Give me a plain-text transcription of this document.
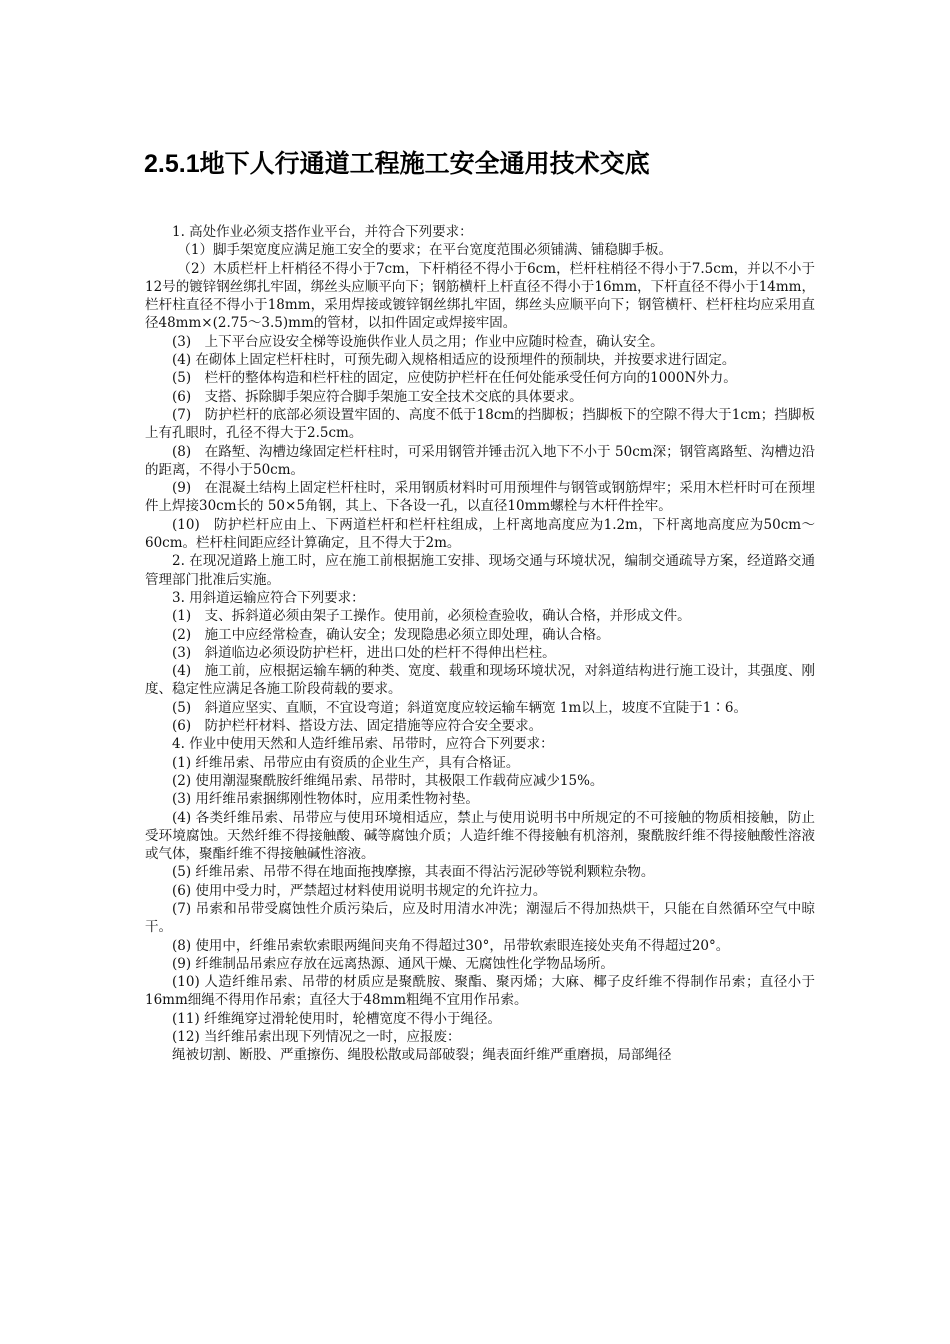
2.5.1地下人行通道工程施工安全通用技术交底

1. 高处作业必须支搭作业平台，并符合下列要求：

（1）脚手架宽度应满足施工安全的要求；在平台宽度范围必须铺满、铺稳脚手板。

（2）木质栏杆上杆梢径不得小于7cm，下杆梢径不得小于6cm，栏杆柱梢径不得小于7.5cm，并以不小于12号的镀锌钢丝绑扎牢固，绑丝头应顺平向下；钢筋横杆上杆直径不得小于16mm，下杆直径不得小于14mm，栏杆柱直径不得小于18mm，采用焊接或镀锌钢丝绑扎牢固，绑丝头应顺平向下；钢管横杆、栏杆柱均应采用直径48mm×(2.75～3.5)mm的管材，以扣件固定或焊接牢固。

(3)　上下平台应设安全梯等设施供作业人员之用；作业中应随时检查，确认安全。

(4) 在砌体上固定栏杆柱时，可预先砌入规格相适应的设预埋件的预制块，并按要求进行固定。

(5)　栏杆的整体构造和栏杆柱的固定，应使防护栏杆在任何处能承受任何方向的1000N外力。

(6)　支搭、拆除脚手架应符合脚手架施工安全技术交底的具体要求。

(7)　防护栏杆的底部必须设置牢固的、高度不低于18cm的挡脚板；挡脚板下的空隙不得大于1cm；挡脚板上有孔眼时，孔径不得大于2.5cm。

(8)　在路堑、沟槽边缘固定栏杆柱时，可采用钢管并锤击沉入地下不小于 50cm深；钢管离路堑、沟槽边沿的距离，不得小于50cm。

(9)　在混凝土结构上固定栏杆柱时，采用钢质材料时可用预埋件与钢管或钢筋焊牢；采用木栏杆时可在预埋件上焊接30cm长的 50×5角钢，其上、下各设一孔，以直径10mm螺栓与木杆件拴牢。

(10)　防护栏杆应由上、下两道栏杆和栏杆柱组成，上杆离地高度应为1.2m，下杆离地高度应为50cm～60cm。栏杆柱间距应经计算确定，且不得大于2m。

2. 在现况道路上施工时，应在施工前根据施工安排、现场交通与环境状况，编制交通疏导方案，经道路交通管理部门批准后实施。

3. 用斜道运输应符合下列要求：

(1)　支、拆斜道必须由架子工操作。使用前，必须检查验收，确认合格，并形成文件。

(2)　施工中应经常检查，确认安全；发现隐患必须立即处理，确认合格。

(3)　斜道临边必须设防护栏杆，进出口处的栏杆不得伸出栏柱。

(4)　施工前，应根据运输车辆的种类、宽度、载重和现场环境状况，对斜道结构进行施工设计，其强度、刚度、稳定性应满足各施工阶段荷载的要求。

(5)　斜道应坚实、直顺，不宜设弯道；斜道宽度应较运输车辆宽 1m以上，坡度不宜陡于1∶6。

(6)　防护栏杆材料、搭设方法、固定措施等应符合安全要求。

4. 作业中使用天然和人造纤维吊索、吊带时，应符合下列要求：

(1) 纤维吊索、吊带应由有资质的企业生产，具有合格证。

(2) 使用潮湿聚酰胺纤维绳吊索、吊带时，其极限工作载荷应减少15%。

(3) 用纤维吊索捆绑刚性物体时，应用柔性物衬垫。

(4) 各类纤维吊索、吊带应与使用环境相适应，禁止与使用说明书中所规定的不可接触的物质相接触，防止受环境腐蚀。天然纤维不得接触酸、碱等腐蚀介质；人造纤维不得接触有机溶剂，聚酰胺纤维不得接触酸性溶液或气体，聚酯纤维不得接触碱性溶液。

(5) 纤维吊索、吊带不得在地面拖拽摩擦，其表面不得沾污泥砂等锐利颗粒杂物。

(6) 使用中受力时，严禁超过材料使用说明书规定的允许拉力。

(7) 吊索和吊带受腐蚀性介质污染后，应及时用清水冲洗；潮湿后不得加热烘干，只能在自然循环空气中晾干。

(8) 使用中，纤维吊索软索眼两绳间夹角不得超过30°，吊带软索眼连接处夹角不得超过20°。

(9) 纤维制品吊索应存放在远离热源、通风干燥、无腐蚀性化学物品场所。

(10) 人造纤维吊索、吊带的材质应是聚酰胺、聚酯、聚丙烯；大麻、椰子皮纤维不得制作吊索；直径小于16mm细绳不得用作吊索；直径大于48mm粗绳不宜用作吊索。

(11) 纤维绳穿过滑轮使用时，轮槽宽度不得小于绳径。

(12) 当纤维吊索出现下列情况之一时，应报废：

绳被切割、断股、严重擦伤、绳股松散或局部破裂；绳表面纤维严重磨损，局部绳径
